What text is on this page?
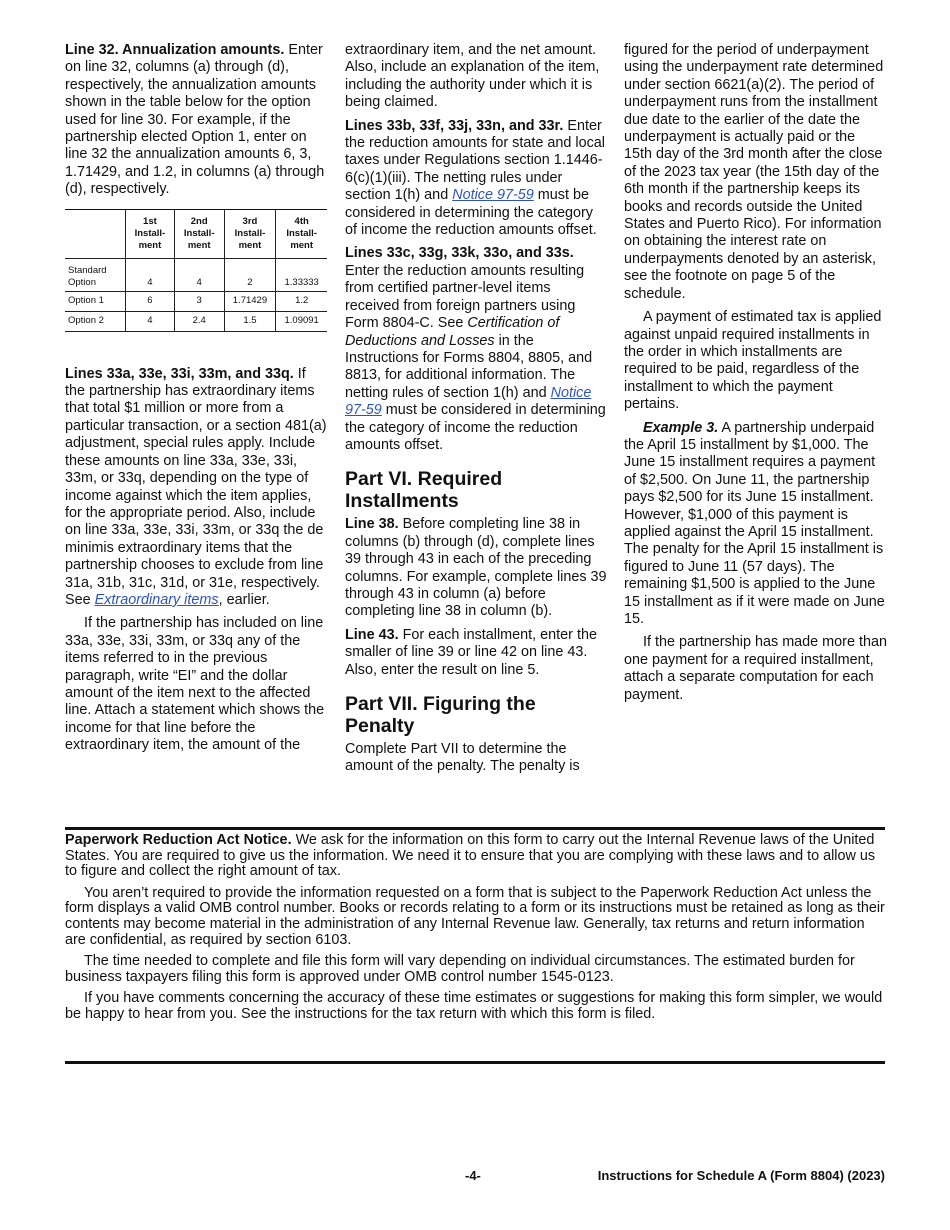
Line 32. Annualization amounts. Enter on line 32, columns (a) through (d), respectively, the annualization amounts shown in the table below for the option used for line 30. For example, if the partnership elected Option 1, enter on line 32 the annualization amounts 6, 3, 1.71429, and 1.2, in columns (a) through (d), respectively.

	1st Install-ment	2nd Install-ment	3rd Install-ment	4th Install-ment
Standard Option	4	4	2	1.33333
Option 1	6	3	1.71429	1.2
Option 2	4	2.4	1.5	1.09091

Lines 33a, 33e, 33i, 33m, and 33q. If the partnership has extraordinary items that total $1 million or more from a particular transaction, or a section 481(a) adjustment, special rules apply. Include these amounts on line 33a, 33e, 33i, 33m, or 33q, depending on the type of income against which the item applies, for the appropriate period. Also, include on line 33a, 33e, 33i, 33m, or 33q the de minimis extraordinary items that the partnership chooses to exclude from line 31a, 31b, 31c, 31d, or 31e, respectively. See Extraordinary items, earlier.

If the partnership has included on line 33a, 33e, 33i, 33m, or 33q any of the items referred to in the previous paragraph, write “EI” and the dollar amount of the item next to the affected line. Attach a statement which shows the income for that line before the extraordinary item, the amount of the

extraordinary item, and the net amount. Also, include an explanation of the item, including the authority under which it is being claimed.

Lines 33b, 33f, 33j, 33n, and 33r. Enter the reduction amounts for state and local taxes under Regulations section 1.1446-6(c)(1)(iii). The netting rules under section 1(h) and Notice 97-59 must be considered in determining the category of income the reduction amounts offset.

Lines 33c, 33g, 33k, 33o, and 33s. Enter the reduction amounts resulting from certified partner-level items received from foreign partners using Form 8804-C. See Certification of Deductions and Losses in the Instructions for Forms 8804, 8805, and 8813, for additional information. The netting rules of section 1(h) and Notice 97-59 must be considered in determining the category of income the reduction amounts offset.

Part VI. Required Installments

Line 38. Before completing line 38 in columns (b) through (d), complete lines 39 through 43 in each of the preceding columns. For example, complete lines 39 through 43 in column (a) before completing line 38 in column (b).

Line 43. For each installment, enter the smaller of line 39 or line 42 on line 43. Also, enter the result on line 5.

Part VII. Figuring the Penalty

Complete Part VII to determine the amount of the penalty. The penalty is

figured for the period of underpayment using the underpayment rate determined under section 6621(a)(2). The period of underpayment runs from the installment due date to the earlier of the date the underpayment is actually paid or the 15th day of the 3rd month after the close of the 2023 tax year (the 15th day of the 6th month if the partnership keeps its books and records outside the United States and Puerto Rico). For information on obtaining the interest rate on underpayments denoted by an asterisk, see the footnote on page 5 of the schedule.

A payment of estimated tax is applied against unpaid required installments in the order in which installments are required to be paid, regardless of the installment to which the payment pertains.

Example 3. A partnership underpaid the April 15 installment by $1,000. The June 15 installment requires a payment of $2,500. On June 11, the partnership pays $2,500 for its June 15 installment. However, $1,000 of this payment is applied against the April 15 installment. The penalty for the April 15 installment is figured to June 11 (57 days). The remaining $1,500 is applied to the June 15 installment as if it were made on June 15.

If the partnership has made more than one payment for a required installment, attach a separate computation for each payment.

Paperwork Reduction Act Notice. We ask for the information on this form to carry out the Internal Revenue laws of the United States. You are required to give us the information. We need it to ensure that you are complying with these laws and to allow us to figure and collect the right amount of tax.

You aren’t required to provide the information requested on a form that is subject to the Paperwork Reduction Act unless the form displays a valid OMB control number. Books or records relating to a form or its instructions must be retained as long as their contents may become material in the administration of any Internal Revenue law. Generally, tax returns and return information are confidential, as required by section 6103.

The time needed to complete and file this form will vary depending on individual circumstances. The estimated burden for business taxpayers filing this form is approved under OMB control number 1545-0123.

If you have comments concerning the accuracy of these time estimates or suggestions for making this form simpler, we would be happy to hear from you. See the instructions for the tax return with which this form is filed.

-4-	Instructions for Schedule A (Form 8804) (2023)
